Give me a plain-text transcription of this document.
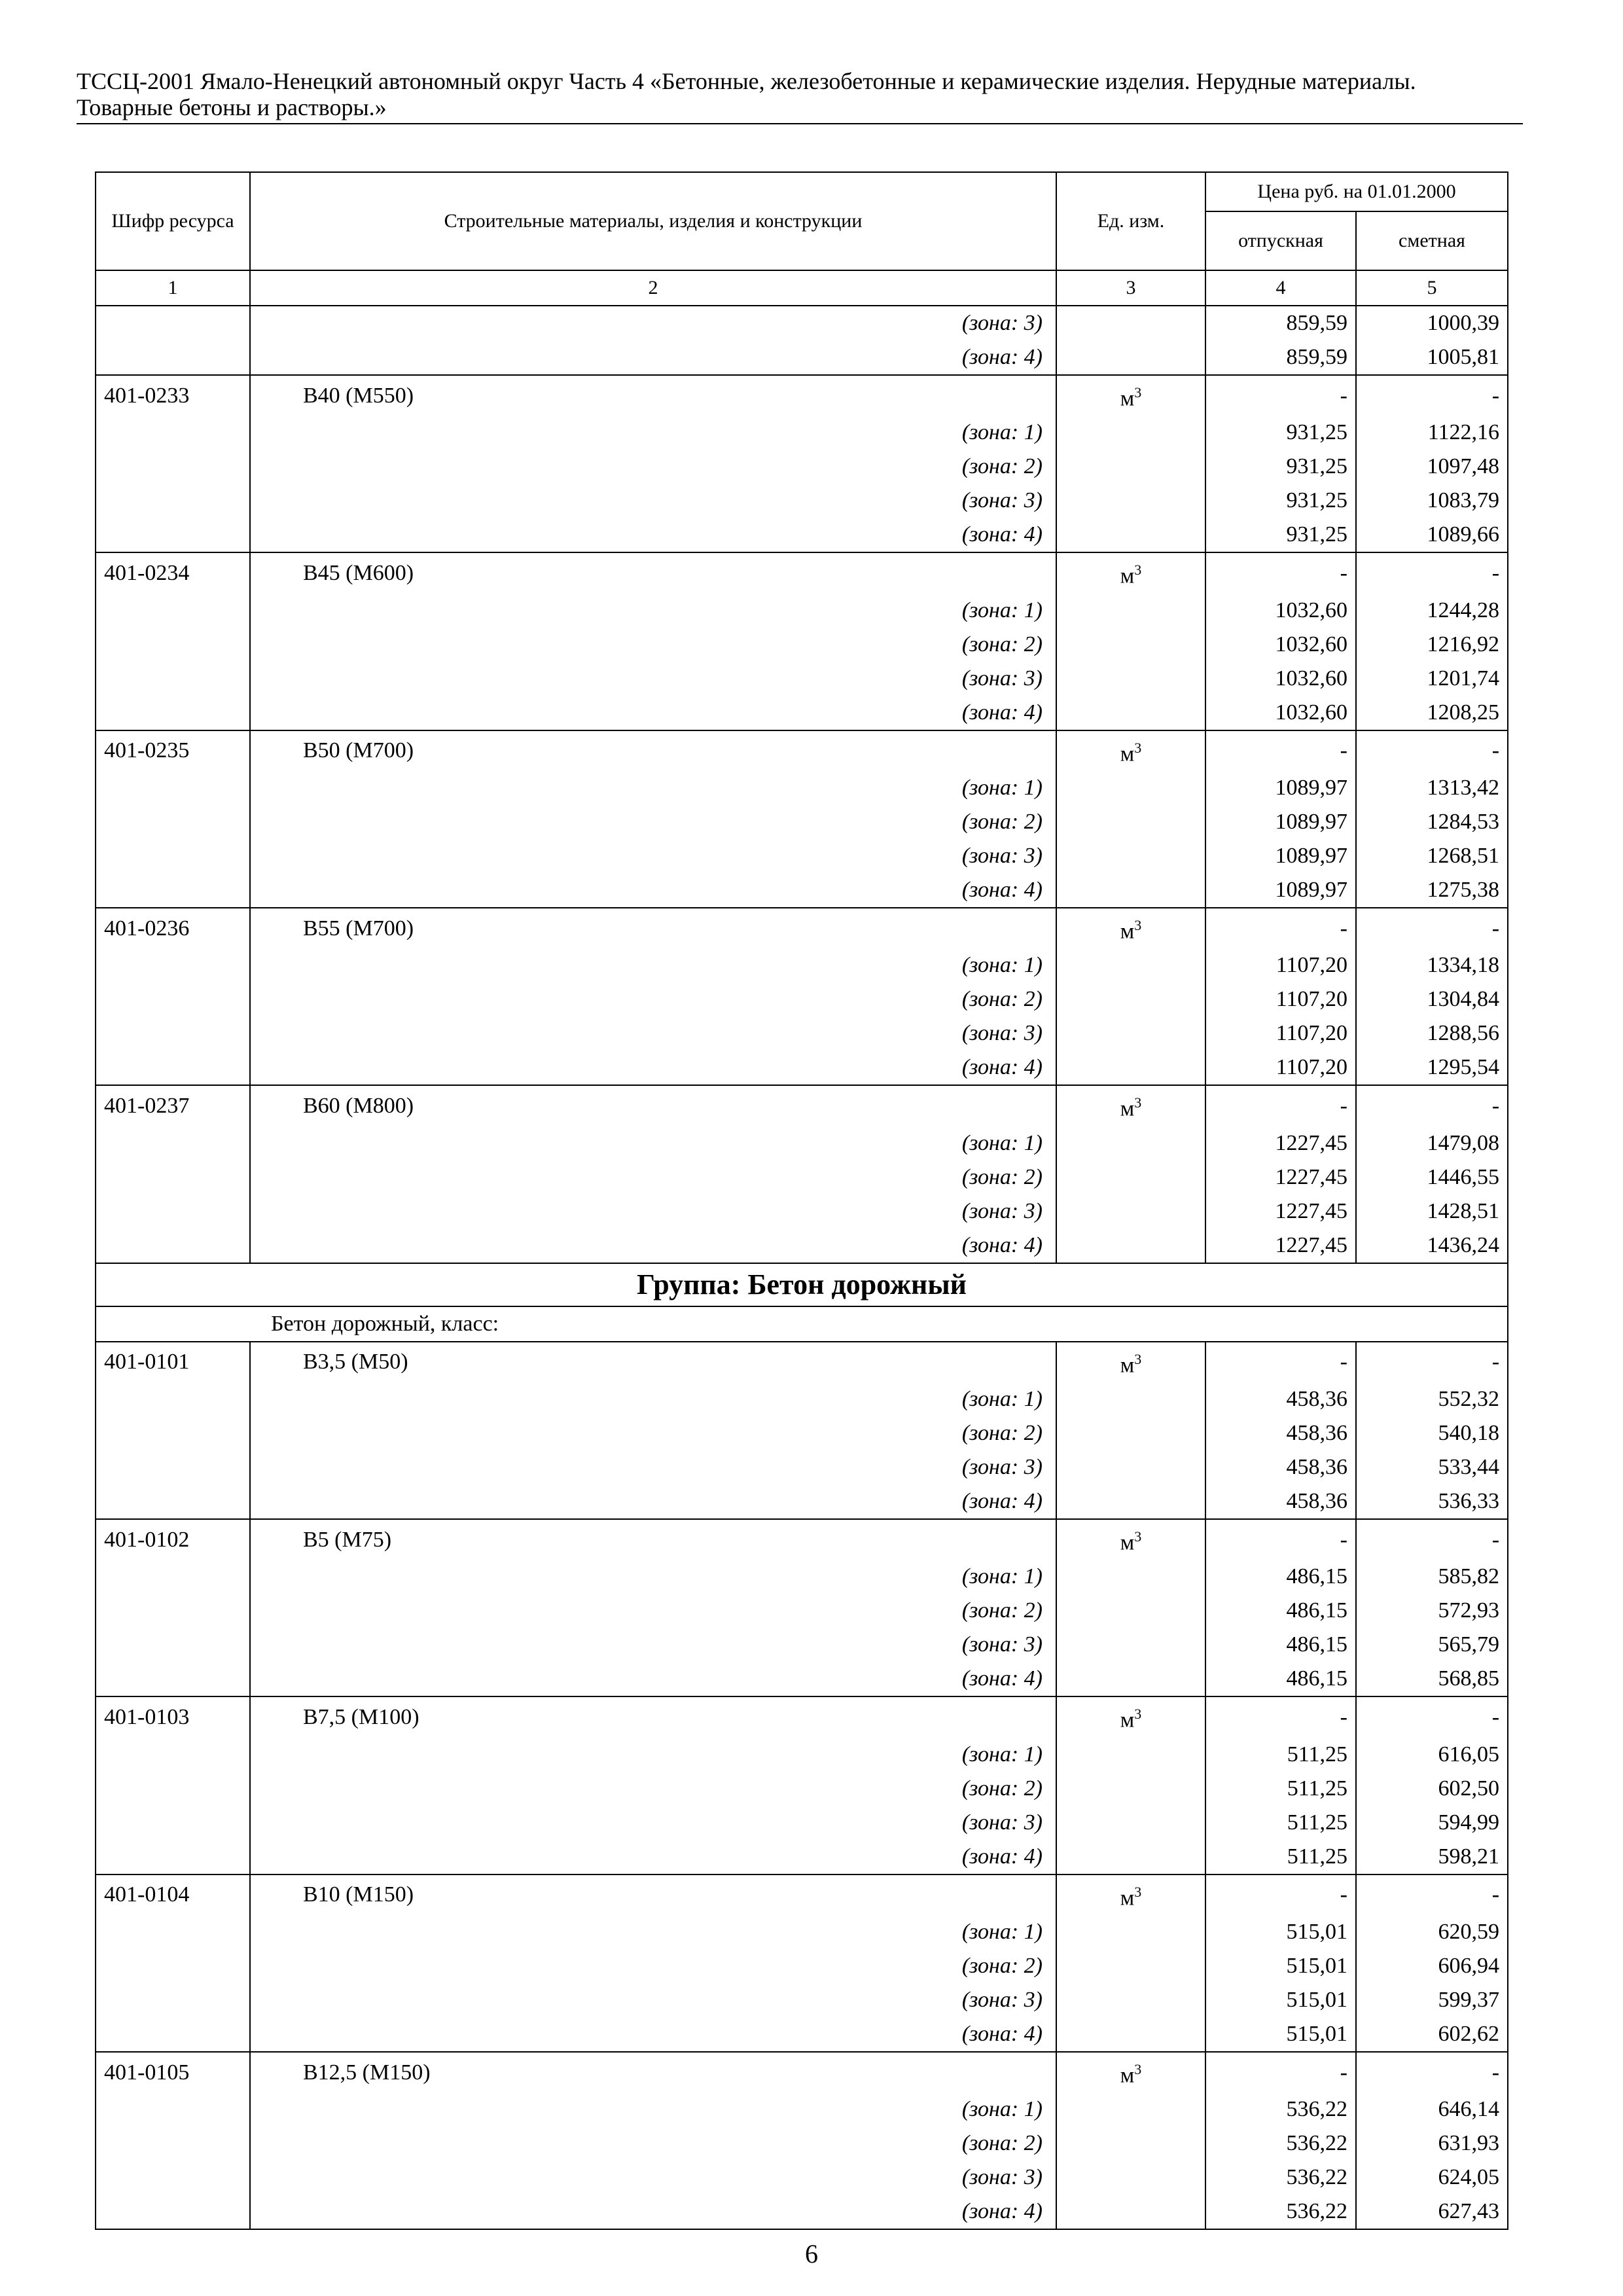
ТССЦ-2001 Ямало-Ненецкий автономный округ Часть 4 «Бетонные, железобетонные и керамические изделия. Нерудные материалы.
Товарные бетоны и растворы.»
Шифр ресурса	Строительные материалы, изделия и конструкции	Ед. изм.	Цена руб. на 01.01.2000	
			отпускная	сметная
1	2	3	4	5
	(зона: 3)		859,59	1000,39
	(зона: 4)		859,59	1005,81
401-0233	В40 (М550)	$м^3$	-	-
	(зона: 1)		931,25	1122,16
	(зона: 2)		931,25	1097,48
	(зона: 3)		931,25	1083,79
	(зона: 4)		931,25	1089,66
401-0234	В45 (М600)	$м^3$	-	-
	(зона: 1)		1032,60	1244,28
	(зона: 2)		1032,60	1216,92
	(зона: 3)		1032,60	1201,74
	(зона: 4)		1032,60	1208,25
401-0235	В50 (М700)	$м^3$	-	-
	(зона: 1)		1089,97	1313,42
	(зона: 2)		1089,97	1284,53
	(зона: 3)		1089,97	1268,51
	(зона: 4)		1089,97	1275,38
401-0236	В55 (М700)	$м^3$	-	-
	(зона: 1)		1107,20	1334,18
	(зона: 2)		1107,20	1304,84
	(зона: 3)		1107,20	1288,56
	(зона: 4)		1107,20	1295,54
401-0237	В60 (М800)	$м^3$	-	-
	(зона: 1)		1227,45	1479,08
	(зона: 2)		1227,45	1446,55
	(зона: 3)		1227,45	1428,51
	(зона: 4)		1227,45	1436,24
Группа: Бетон дорожный				
Бетон дорожный, класс:				
401-0101	В3,5 (М50)	$м^3$	-	-
	(зона: 1)		458,36	552,32
	(зона: 2)		458,36	540,18
	(зона: 3)		458,36	533,44
	(зона: 4)		458,36	536,33
401-0102	В5 (М75)	$м^3$	-	-
	(зона: 1)		486,15	585,82
	(зона: 2)		486,15	572,93
	(зона: 3)		486,15	565,79
	(зона: 4)		486,15	568,85
401-0103	В7,5 (М100)	$м^3$	-	-
	(зона: 1)		511,25	616,05
	(зона: 2)		511,25	602,50
	(зона: 3)		511,25	594,99
	(зона: 4)		511,25	598,21
401-0104	В10 (М150)	$м^3$	-	-
	(зона: 1)		515,01	620,59
	(зона: 2)		515,01	606,94
	(зона: 3)		515,01	599,37
	(зона: 4)		515,01	602,62
401-0105	В12,5 (М150)	$м^3$	-	-
	(зона: 1)		536,22	646,14
	(зона: 2)		536,22	631,93
	(зона: 3)		536,22	624,05
	(зона: 4)		536,22	627,43
6
